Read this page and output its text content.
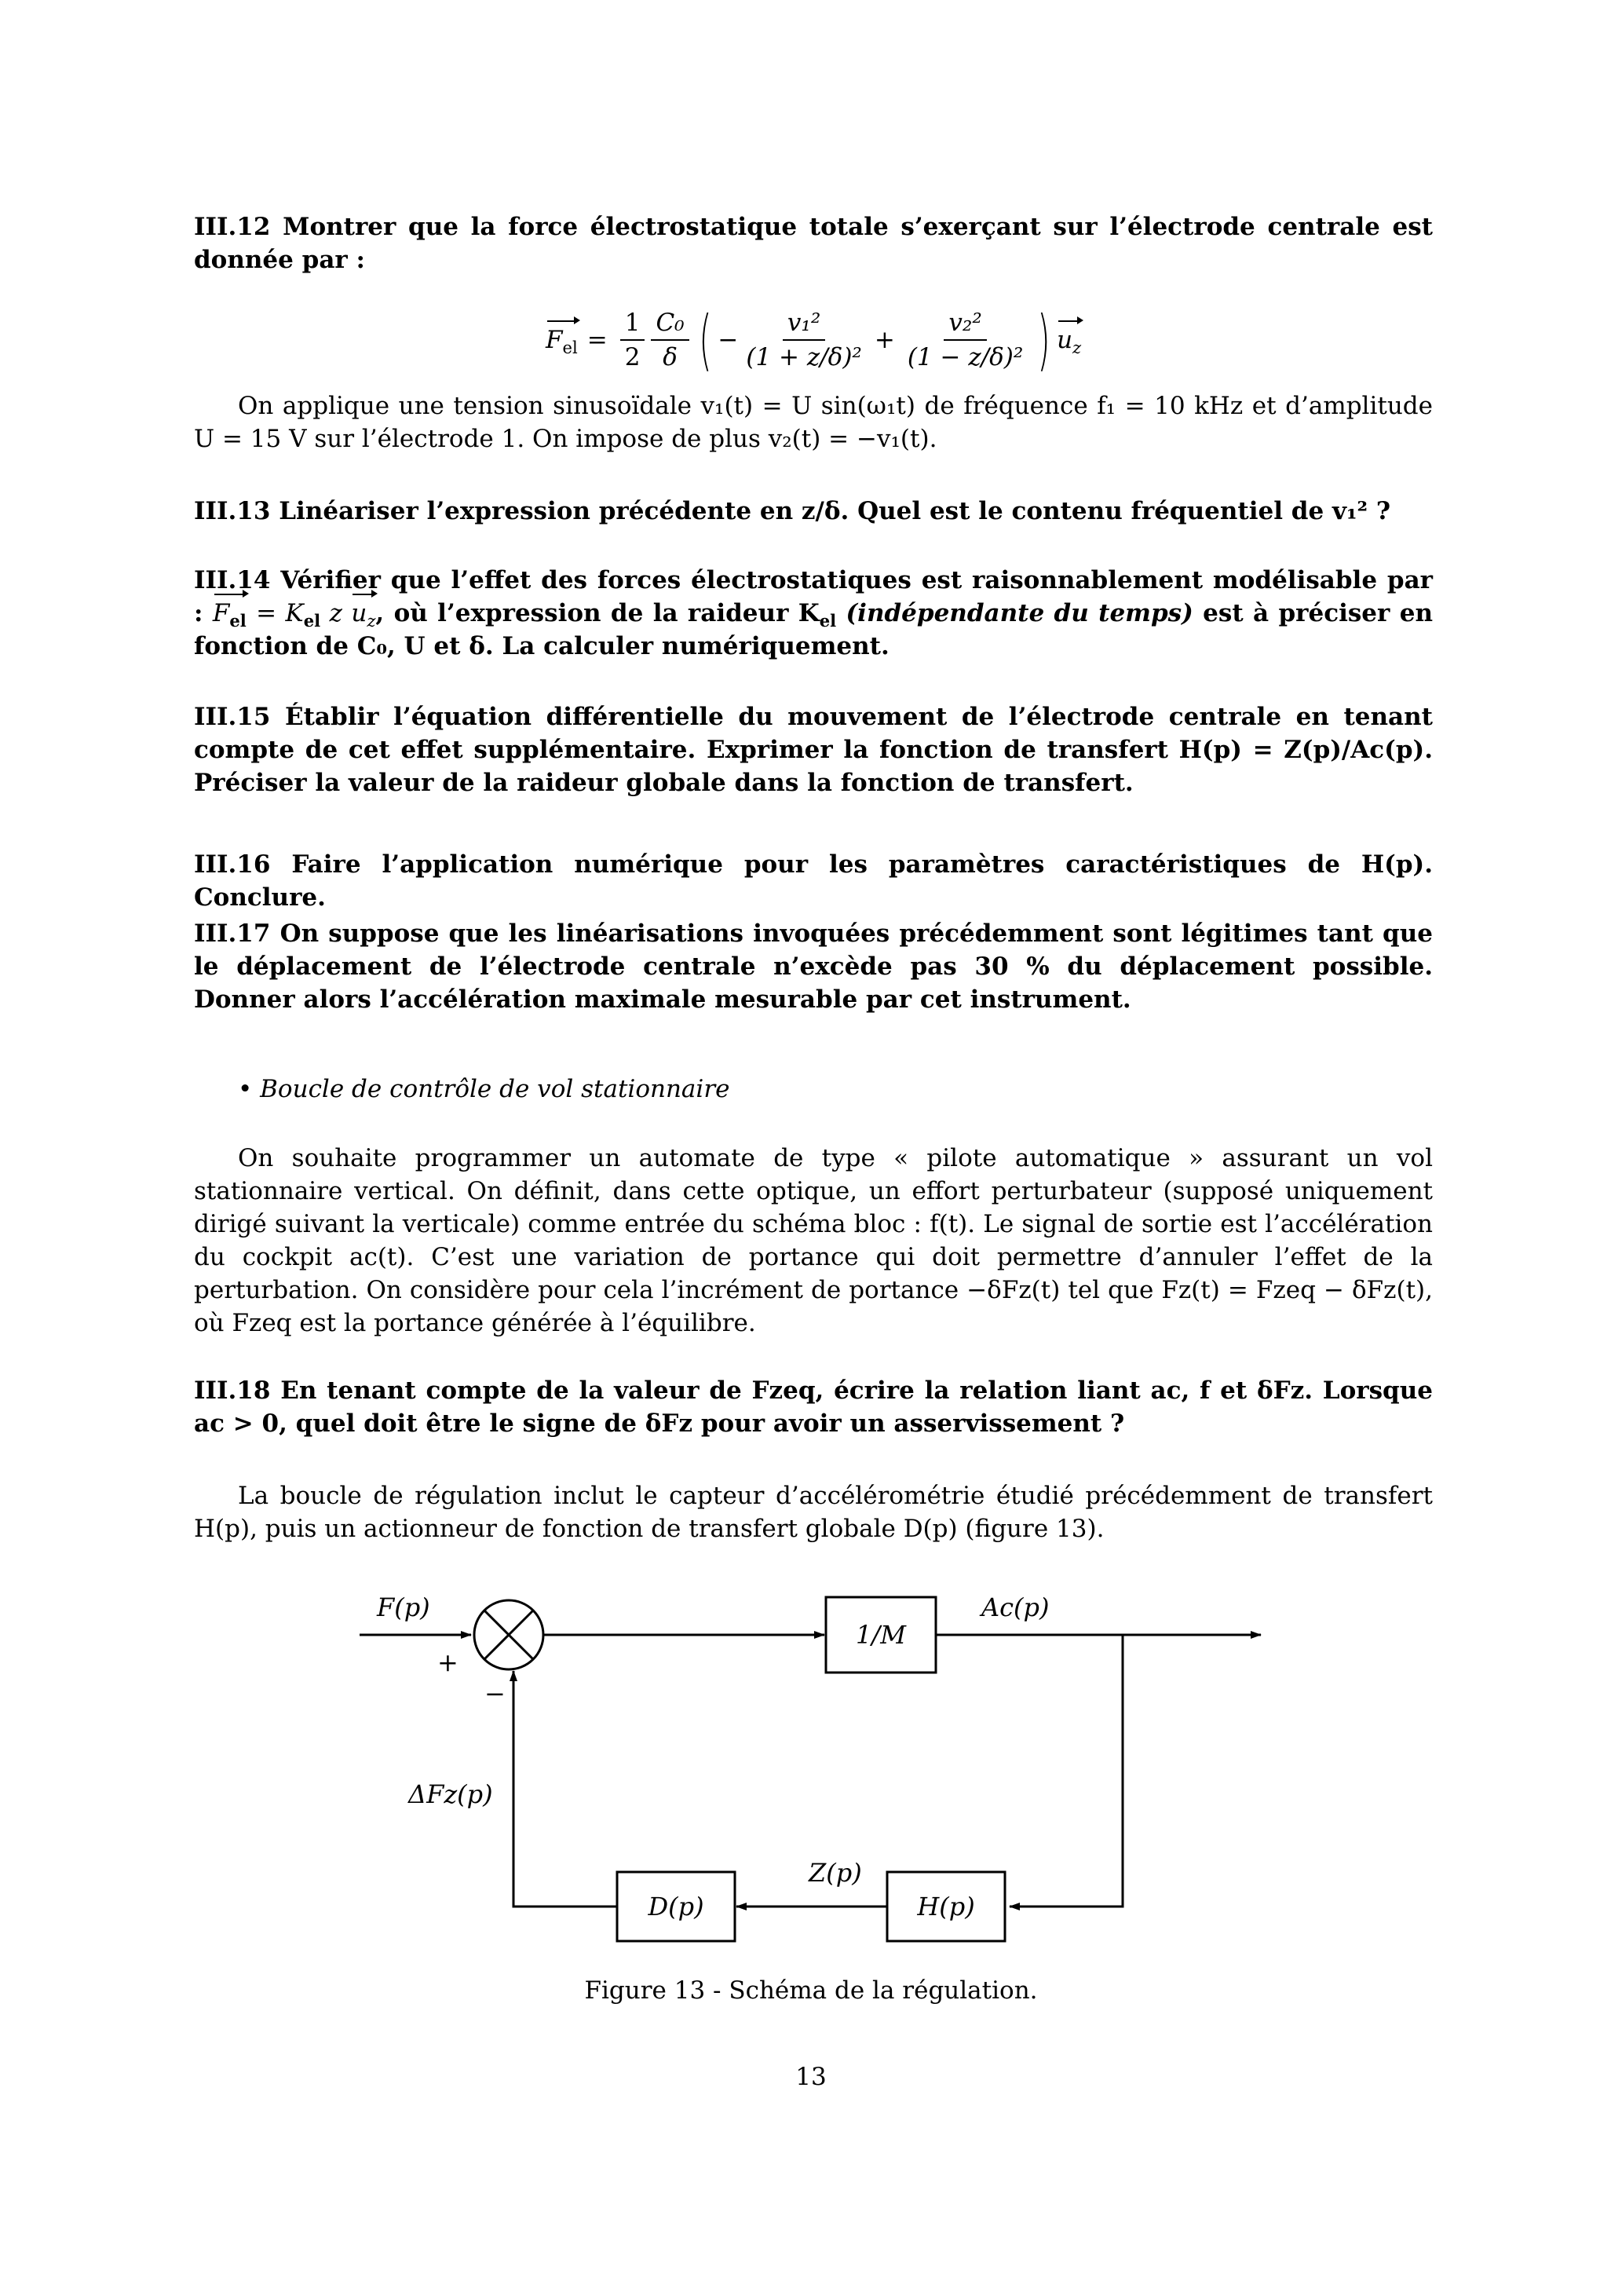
III.12 Montrer que la force électrostatique totale s’exerçant sur l’électrode centrale est donnée par :
$F_{el} = \frac{1}{2} \frac{\text{C₀}}{\delta}$ ( − $\frac{\text{v₁²}}{\text{(1 + z/δ)²}} + \frac{\text{v₂²}}{\text{(1 − z/δ)²}}$ ) $u_z$
On applique une tension sinusoïdale v₁(t) = U sin(ω₁t) de fréquence f₁ = 10 kHz et d’amplitude U = 15 V sur l’électrode 1. On impose de plus v₂(t) = −v₁(t).
III.13 Linéariser l’expression précédente en z/δ. Quel est le contenu fréquentiel de v₁² ?
III.14 Vérifier que l’effet des forces électrostatiques est raisonnablement modélisable par : $F_{el} = K_{el}$ z $u_z$, où l’expression de la raideur $K_{el}$ (indépendante du temps) est à préciser en fonction de C₀, U et δ. La calculer numériquement.
III.15 Établir l’équation différentielle du mouvement de l’électrode centrale en tenant compte de cet effet supplémentaire. Exprimer la fonction de transfert H(p) = Z(p)/Ac(p). Préciser la valeur de la raideur globale dans la fonction de transfert.
III.16 Faire l’application numérique pour les paramètres caractéristiques de H(p). Conclure.
III.17 On suppose que les linéarisations invoquées précédemment sont légitimes tant que le déplacement de l’électrode centrale n’excède pas 30 % du déplacement possible. Donner alors l’accélération maximale mesurable par cet instrument.
• Boucle de contrôle de vol stationnaire
On souhaite programmer un automate de type « pilote automatique » assurant un vol stationnaire vertical. On définit, dans cette optique, un effort perturbateur (supposé uniquement dirigé suivant la verticale) comme entrée du schéma bloc : f(t). Le signal de sortie est l’accélération du cockpit ac(t). C’est une variation de portance qui doit permettre d’annuler l’effet de la perturbation. On considère pour cela l’incrément de portance −δFz(t) tel que Fz(t) = Fzeq − δFz(t), où Fzeq est la portance générée à l’équilibre.
III.18 En tenant compte de la valeur de Fzeq, écrire la relation liant ac, f et δFz. Lorsque ac > 0, quel doit être le signe de δFz pour avoir un asservissement ?
La boucle de régulation inclut le capteur d’accélérométrie étudié précédemment de transfert H(p), puis un actionneur de fonction de transfert globale D(p) (figure 13).
F(p)
+
−
1/M
Ac(p)
ΔFz(p)
D(p)	H(p)
Z(p)
Figure 13 - Schéma de la régulation.
13
